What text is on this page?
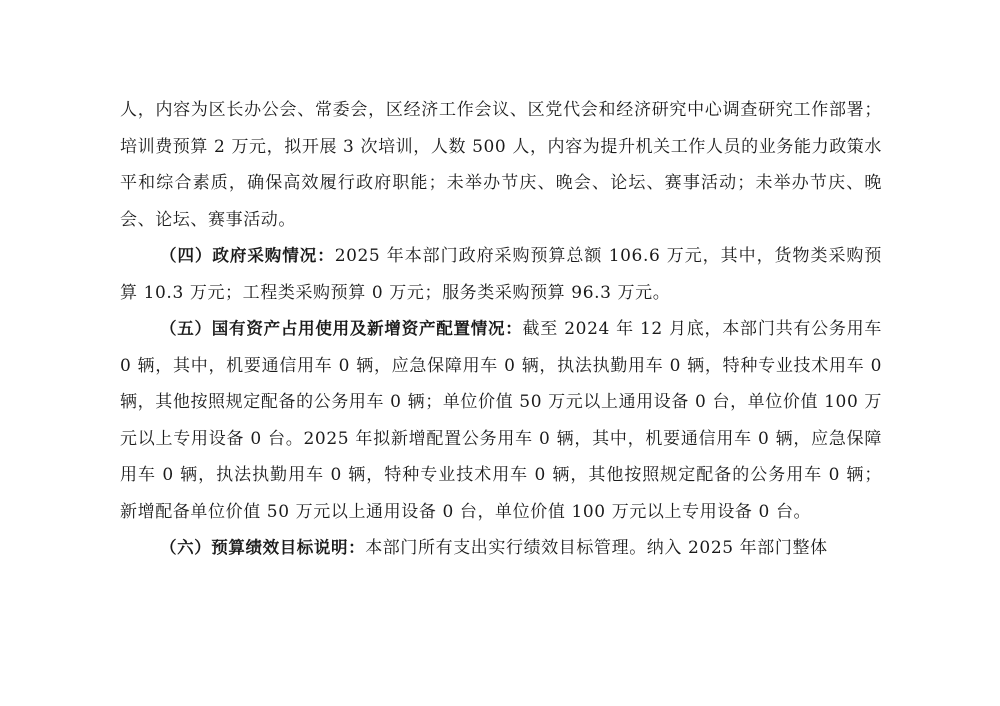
人，内容为区长办公会、常委会，区经济工作会议、区党代会和经济研究中心调查研究工作部署；培训费预算 2 万元，拟开展 3 次培训，人数 500 人，内容为提升机关工作人员的业务能力政策水平和综合素质，确保高效履行政府职能；未举办节庆、晚会、论坛、赛事活动；未举办节庆、晚会、论坛、赛事活动。

（四）政府采购情况：2025 年本部门政府采购预算总额 106.6 万元，其中，货物类采购预算 10.3 万元；工程类采购预算 0 万元；服务类采购预算 96.3 万元。

（五）国有资产占用使用及新增资产配置情况：截至 2024 年 12 月底，本部门共有公务用车 0 辆，其中，机要通信用车 0 辆，应急保障用车 0 辆，执法执勤用车 0 辆，特种专业技术用车 0 辆，其他按照规定配备的公务用车 0 辆；单位价值 50 万元以上通用设备 0 台，单位价值 100 万元以上专用设备 0 台。2025 年拟新增配置公务用车 0 辆，其中，机要通信用车 0 辆，应急保障用车 0 辆，执法执勤用车 0 辆，特种专业技术用车 0 辆，其他按照规定配备的公务用车 0 辆；新增配备单位价值 50 万元以上通用设备 0 台，单位价值 100 万元以上专用设备 0 台。

（六）预算绩效目标说明：本部门所有支出实行绩效目标管理。纳入 2025 年部门整体
